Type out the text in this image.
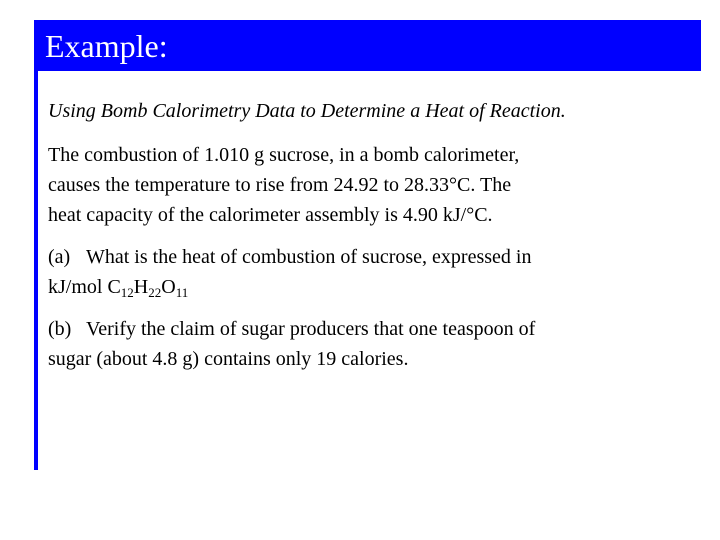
Example:
Using Bomb Calorimetry Data to Determine a Heat of Reaction.
The combustion of 1.010 g sucrose, in a bomb calorimeter,
causes the temperature to rise from 24.92 to 28.33°C. The
heat capacity of the calorimeter assembly is 4.90 kJ/°C.
(a) What is the heat of combustion of sucrose, expressed in
kJ/mol $C_{12}H_{22}O_{11}$
(b) Verify the claim of sugar producers that one teaspoon of
sugar (about 4.8 g) contains only 19 calories.
